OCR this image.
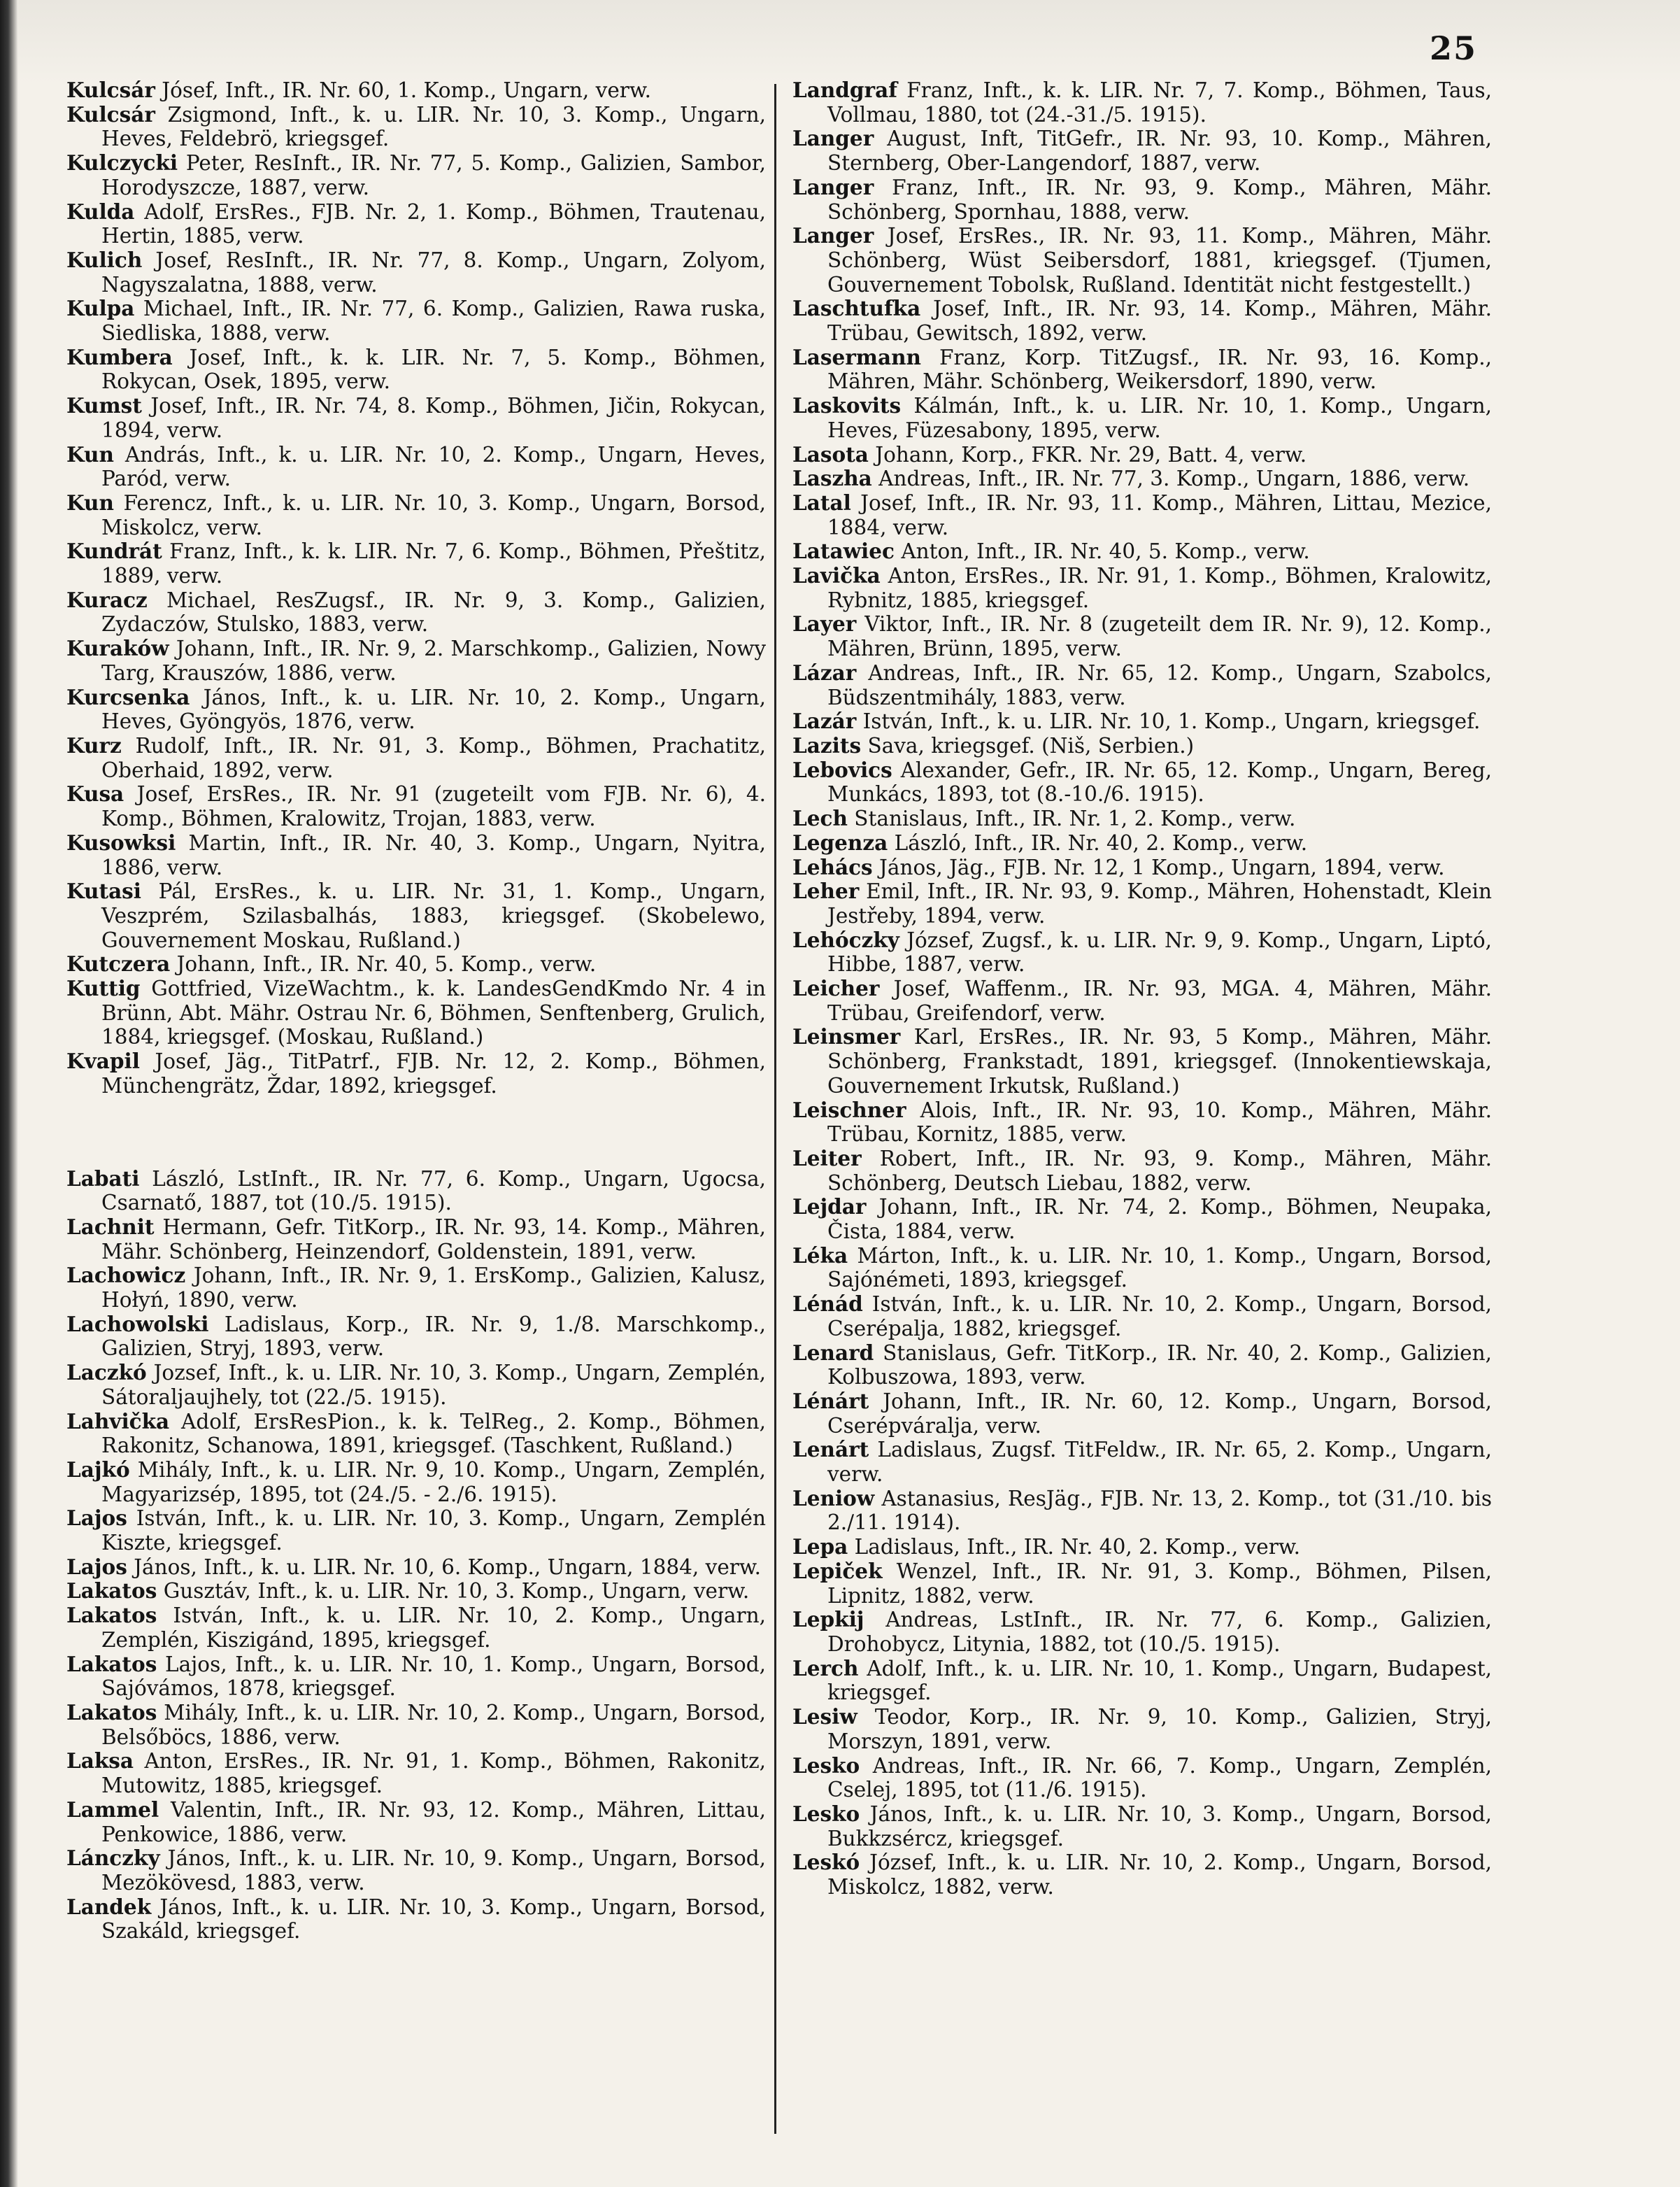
25

Kulcsár Jósef, Inft., IR. Nr. 60, 1. Komp., Ungarn, verw.

Kulcsár Zsigmond, Inft., k. u. LIR. Nr. 10, 3. Komp., Ungarn, Heves, Feldebrö, kriegsgef.

Kulczycki Peter, ResInft., IR. Nr. 77, 5. Komp., Galizien, Sambor, Horodyszcze, 1887, verw.

Kulda Adolf, ErsRes., FJB. Nr. 2, 1. Komp., Böhmen, Trautenau, Hertin, 1885, verw.

Kulich Josef, ResInft., IR. Nr. 77, 8. Komp., Ungarn, Zolyom, Nagyszalatna, 1888, verw.

Kulpa Michael, Inft., IR. Nr. 77, 6. Komp., Galizien, Rawa ruska, Siedliska, 1888, verw.

Kumbera Josef, Inft., k. k. LIR. Nr. 7, 5. Komp., Böhmen, Rokycan, Osek, 1895, verw.

Kumst Josef, Inft., IR. Nr. 74, 8. Komp., Böhmen, Jičin, Rokycan, 1894, verw.

Kun András, Inft., k. u. LIR. Nr. 10, 2. Komp., Ungarn, Heves, Paród, verw.

Kun Ferencz, Inft., k. u. LIR. Nr. 10, 3. Komp., Ungarn, Borsod, Miskolcz, verw.

Kundrát Franz, Inft., k. k. LIR. Nr. 7, 6. Komp., Böhmen, Přeštitz, 1889, verw.

Kuracz Michael, ResZugsf., IR. Nr. 9, 3. Komp., Galizien, Zydaczów, Stulsko, 1883, verw.

Kuraków Johann, Inft., IR. Nr. 9, 2. Marschkomp., Galizien, Nowy Targ, Krauszów, 1886, verw.

Kurcsenka János, Inft., k. u. LIR. Nr. 10, 2. Komp., Ungarn, Heves, Gyöngyös, 1876, verw.

Kurz Rudolf, Inft., IR. Nr. 91, 3. Komp., Böhmen, Prachatitz, Oberhaid, 1892, verw.

Kusa Josef, ErsRes., IR. Nr. 91 (zugeteilt vom FJB. Nr. 6), 4. Komp., Böhmen, Kralowitz, Trojan, 1883, verw.

Kusowksi Martin, Inft., IR. Nr. 40, 3. Komp., Ungarn, Nyitra, 1886, verw.

Kutasi Pál, ErsRes., k. u. LIR. Nr. 31, 1. Komp., Ungarn, Veszprém, Szilasbalhás, 1883, kriegsgef. (Skobelewo, Gouvernement Moskau, Rußland.)

Kutczera Johann, Inft., IR. Nr. 40, 5. Komp., verw.

Kuttig Gottfried, VizeWachtm., k. k. LandesGendKmdo Nr. 4 in Brünn, Abt. Mähr. Ostrau Nr. 6, Böhmen, Senftenberg, Grulich, 1884, kriegsgef. (Moskau, Rußland.)

Kvapil Josef, Jäg., TitPatrf., FJB. Nr. 12, 2. Komp., Böhmen, Münchengrätz, Ždar, 1892, kriegsgef.

Labati László, LstInft., IR. Nr. 77, 6. Komp., Ungarn, Ugocsa, Csarnatő, 1887, tot (10./5. 1915).

Lachnit Hermann, Gefr. TitKorp., IR. Nr. 93, 14. Komp., Mähren, Mähr. Schönberg, Heinzendorf, Goldenstein, 1891, verw.

Lachowicz Johann, Inft., IR. Nr. 9, 1. ErsKomp., Galizien, Kalusz, Hołyń, 1890, verw.

Lachowolski Ladislaus, Korp., IR. Nr. 9, 1./8. Marschkomp., Galizien, Stryj, 1893, verw.

Laczkó Jozsef, Inft., k. u. LIR. Nr. 10, 3. Komp., Ungarn, Zemplén, Sátoraljaujhely, tot (22./5. 1915).

Lahvička Adolf, ErsResPion., k. k. TelReg., 2. Komp., Böhmen, Rakonitz, Schanowa, 1891, kriegsgef. (Taschkent, Rußland.)

Lajkó Mihály, Inft., k. u. LIR. Nr. 9, 10. Komp., Ungarn, Zemplén, Magyarizsép, 1895, tot (24./5. - 2./6. 1915).

Lajos István, Inft., k. u. LIR. Nr. 10, 3. Komp., Ungarn, Zemplén Kiszte, kriegsgef.

Lajos János, Inft., k. u. LIR. Nr. 10, 6. Komp., Ungarn, 1884, verw.

Lakatos Gusztáv, Inft., k. u. LIR. Nr. 10, 3. Komp., Ungarn, verw.

Lakatos István, Inft., k. u. LIR. Nr. 10, 2. Komp., Ungarn, Zemplén, Kiszigánd, 1895, kriegsgef.

Lakatos Lajos, Inft., k. u. LIR. Nr. 10, 1. Komp., Ungarn, Borsod, Sajóvámos, 1878, kriegsgef.

Lakatos Mihály, Inft., k. u. LIR. Nr. 10, 2. Komp., Ungarn, Borsod, Belsőböcs, 1886, verw.

Laksa Anton, ErsRes., IR. Nr. 91, 1. Komp., Böhmen, Rakonitz, Mutowitz, 1885, kriegsgef.

Lammel Valentin, Inft., IR. Nr. 93, 12. Komp., Mähren, Littau, Penkowice, 1886, verw.

Lánczky János, Inft., k. u. LIR. Nr. 10, 9. Komp., Ungarn, Borsod, Mezökövesd, 1883, verw.

Landek János, Inft., k. u. LIR. Nr. 10, 3. Komp., Ungarn, Borsod, Szakáld, kriegsgef.

Landgraf Franz, Inft., k. k. LIR. Nr. 7, 7. Komp., Böhmen, Taus, Vollmau, 1880, tot (24.-31./5. 1915).

Langer August, Inft, TitGefr., IR. Nr. 93, 10. Komp., Mähren, Sternberg, Ober-Langendorf, 1887, verw.

Langer Franz, Inft., IR. Nr. 93, 9. Komp., Mähren, Mähr. Schönberg, Spornhau, 1888, verw.

Langer Josef, ErsRes., IR. Nr. 93, 11. Komp., Mähren, Mähr. Schönberg, Wüst Seibersdorf, 1881, kriegsgef. (Tjumen, Gouvernement Tobolsk, Rußland. Identität nicht festgestellt.)

Laschtufka Josef, Inft., IR. Nr. 93, 14. Komp., Mähren, Mähr. Trübau, Gewitsch, 1892, verw.

Lasermann Franz, Korp. TitZugsf., IR. Nr. 93, 16. Komp., Mähren, Mähr. Schönberg, Weikersdorf, 1890, verw.

Laskovits Kálmán, Inft., k. u. LIR. Nr. 10, 1. Komp., Ungarn, Heves, Füzesabony, 1895, verw.

Lasota Johann, Korp., FKR. Nr. 29, Batt. 4, verw.

Laszha Andreas, Inft., IR. Nr. 77, 3. Komp., Ungarn, 1886, verw.

Latal Josef, Inft., IR. Nr. 93, 11. Komp., Mähren, Littau, Mezice, 1884, verw.

Latawiec Anton, Inft., IR. Nr. 40, 5. Komp., verw.

Lavička Anton, ErsRes., IR. Nr. 91, 1. Komp., Böhmen, Kralowitz, Rybnitz, 1885, kriegsgef.

Layer Viktor, Inft., IR. Nr. 8 (zugeteilt dem IR. Nr. 9), 12. Komp., Mähren, Brünn, 1895, verw.

Lázar Andreas, Inft., IR. Nr. 65, 12. Komp., Ungarn, Szabolcs, Büdszentmihály, 1883, verw.

Lazár István, Inft., k. u. LIR. Nr. 10, 1. Komp., Ungarn, kriegsgef.

Lazits Sava, kriegsgef. (Niš, Serbien.)

Lebovics Alexander, Gefr., IR. Nr. 65, 12. Komp., Ungarn, Bereg, Munkács, 1893, tot (8.-10./6. 1915).

Lech Stanislaus, Inft., IR. Nr. 1, 2. Komp., verw.

Legenza László, Inft., IR. Nr. 40, 2. Komp., verw.

Lehács János, Jäg., FJB. Nr. 12, 1 Komp., Ungarn, 1894, verw.

Leher Emil, Inft., IR. Nr. 93, 9. Komp., Mähren, Hohenstadt, Klein Jestřeby, 1894, verw.

Lehóczky József, Zugsf., k. u. LIR. Nr. 9, 9. Komp., Ungarn, Liptó, Hibbe, 1887, verw.

Leicher Josef, Waffenm., IR. Nr. 93, MGA. 4, Mähren, Mähr. Trübau, Greifendorf, verw.

Leinsmer Karl, ErsRes., IR. Nr. 93, 5 Komp., Mähren, Mähr. Schönberg, Frankstadt, 1891, kriegsgef. (Innokentiewskaja, Gouvernement Irkutsk, Rußland.)

Leischner Alois, Inft., IR. Nr. 93, 10. Komp., Mähren, Mähr. Trübau, Kornitz, 1885, verw.

Leiter Robert, Inft., IR. Nr. 93, 9. Komp., Mähren, Mähr. Schönberg, Deutsch Liebau, 1882, verw.

Lejdar Johann, Inft., IR. Nr. 74, 2. Komp., Böhmen, Neupaka, Čista, 1884, verw.

Léka Márton, Inft., k. u. LIR. Nr. 10, 1. Komp., Ungarn, Borsod, Sajónémeti, 1893, kriegsgef.

Lénád István, Inft., k. u. LIR. Nr. 10, 2. Komp., Ungarn, Borsod, Cserépalja, 1882, kriegsgef.

Lenard Stanislaus, Gefr. TitKorp., IR. Nr. 40, 2. Komp., Galizien, Kolbuszowa, 1893, verw.

Lénárt Johann, Inft., IR. Nr. 60, 12. Komp., Ungarn, Borsod, Cserépváralja, verw.

Lenárt Ladislaus, Zugsf. TitFeldw., IR. Nr. 65, 2. Komp., Ungarn, verw.

Leniow Astanasius, ResJäg., FJB. Nr. 13, 2. Komp., tot (31./10. bis 2./11. 1914).

Lepa Ladislaus, Inft., IR. Nr. 40, 2. Komp., verw.

Lepiček Wenzel, Inft., IR. Nr. 91, 3. Komp., Böhmen, Pilsen, Lipnitz, 1882, verw.

Lepkij Andreas, LstInft., IR. Nr. 77, 6. Komp., Galizien, Drohobycz, Litynia, 1882, tot (10./5. 1915).

Lerch Adolf, Inft., k. u. LIR. Nr. 10, 1. Komp., Ungarn, Budapest, kriegsgef.

Lesiw Teodor, Korp., IR. Nr. 9, 10. Komp., Galizien, Stryj, Morszyn, 1891, verw.

Lesko Andreas, Inft., IR. Nr. 66, 7. Komp., Ungarn, Zemplén, Cselej, 1895, tot (11./6. 1915).

Lesko János, Inft., k. u. LIR. Nr. 10, 3. Komp., Ungarn, Borsod, Bukkzsércz, kriegsgef.

Leskó József, Inft., k. u. LIR. Nr. 10, 2. Komp., Ungarn, Borsod, Miskolcz, 1882, verw.
